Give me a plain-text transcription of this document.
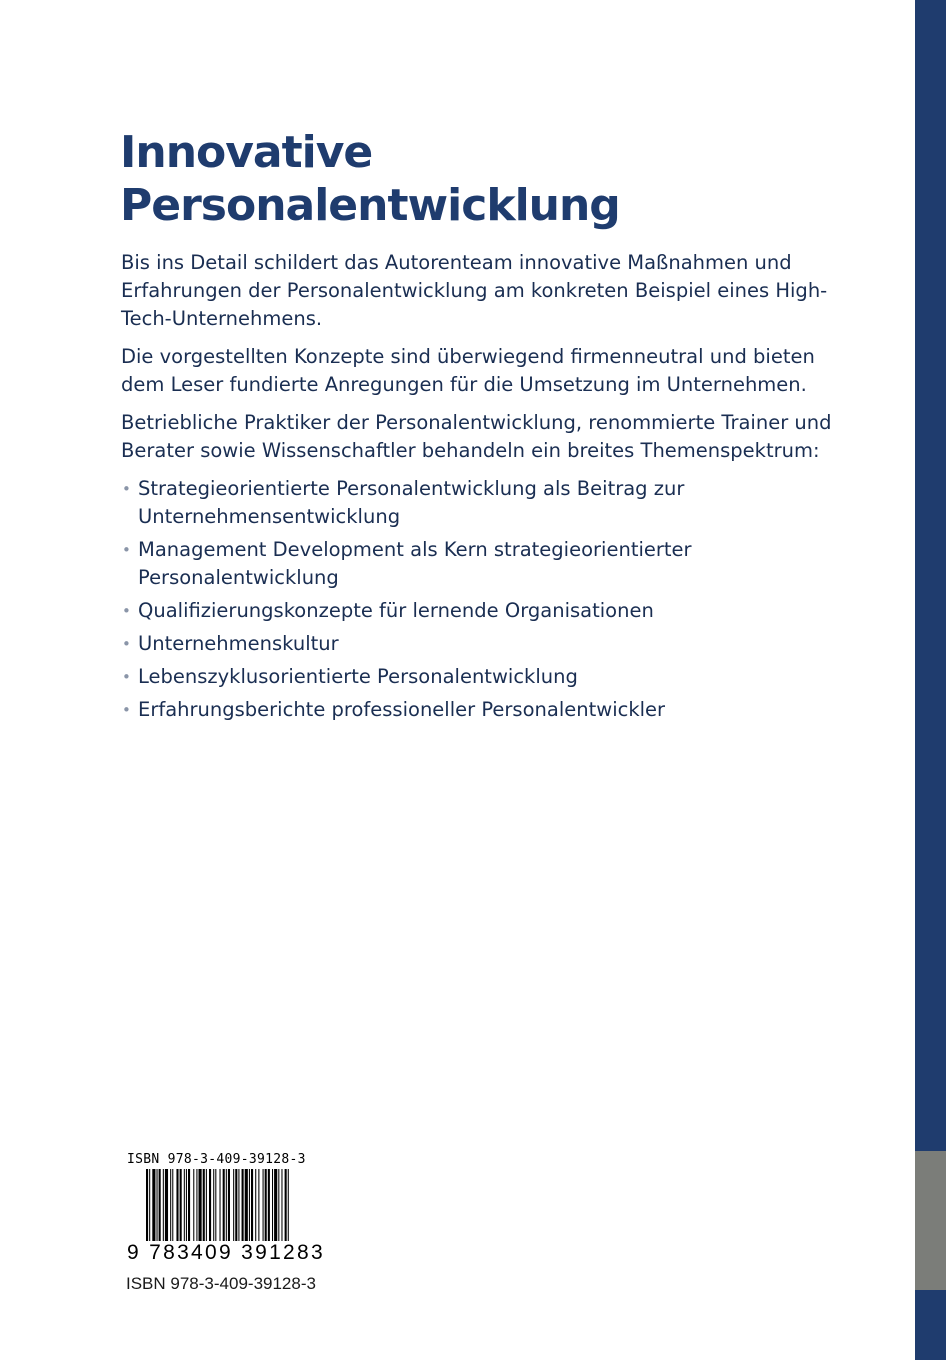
Innovative
Personalentwicklung

Bis ins Detail schildert das Autorenteam innovative Maßnahmen und Erfahrungen der Personalentwicklung am konkreten Beispiel eines High-Tech-Unternehmens.

Die vorgestellten Konzepte sind überwiegend firmenneutral und bieten dem Leser fundierte Anregungen für die Umsetzung im Unternehmen.

Betriebliche Praktiker der Personalentwicklung, renommierte Trainer und Berater sowie Wissenschaftler behandeln ein breites Themenspektrum:

• Strategieorientierte Personalentwicklung als Beitrag zur Unternehmensentwicklung
• Management Development als Kern strategieorientierter Personalentwicklung
• Qualifizierungskonzepte für lernende Organisationen
• Unternehmenskultur
• Lebenszyklusorientierte Personalentwicklung
• Erfahrungsberichte professioneller Personalentwickler
ISBN 978-3-409-39128-3
9 783409 391283
ISBN 978-3-409-39128-3
